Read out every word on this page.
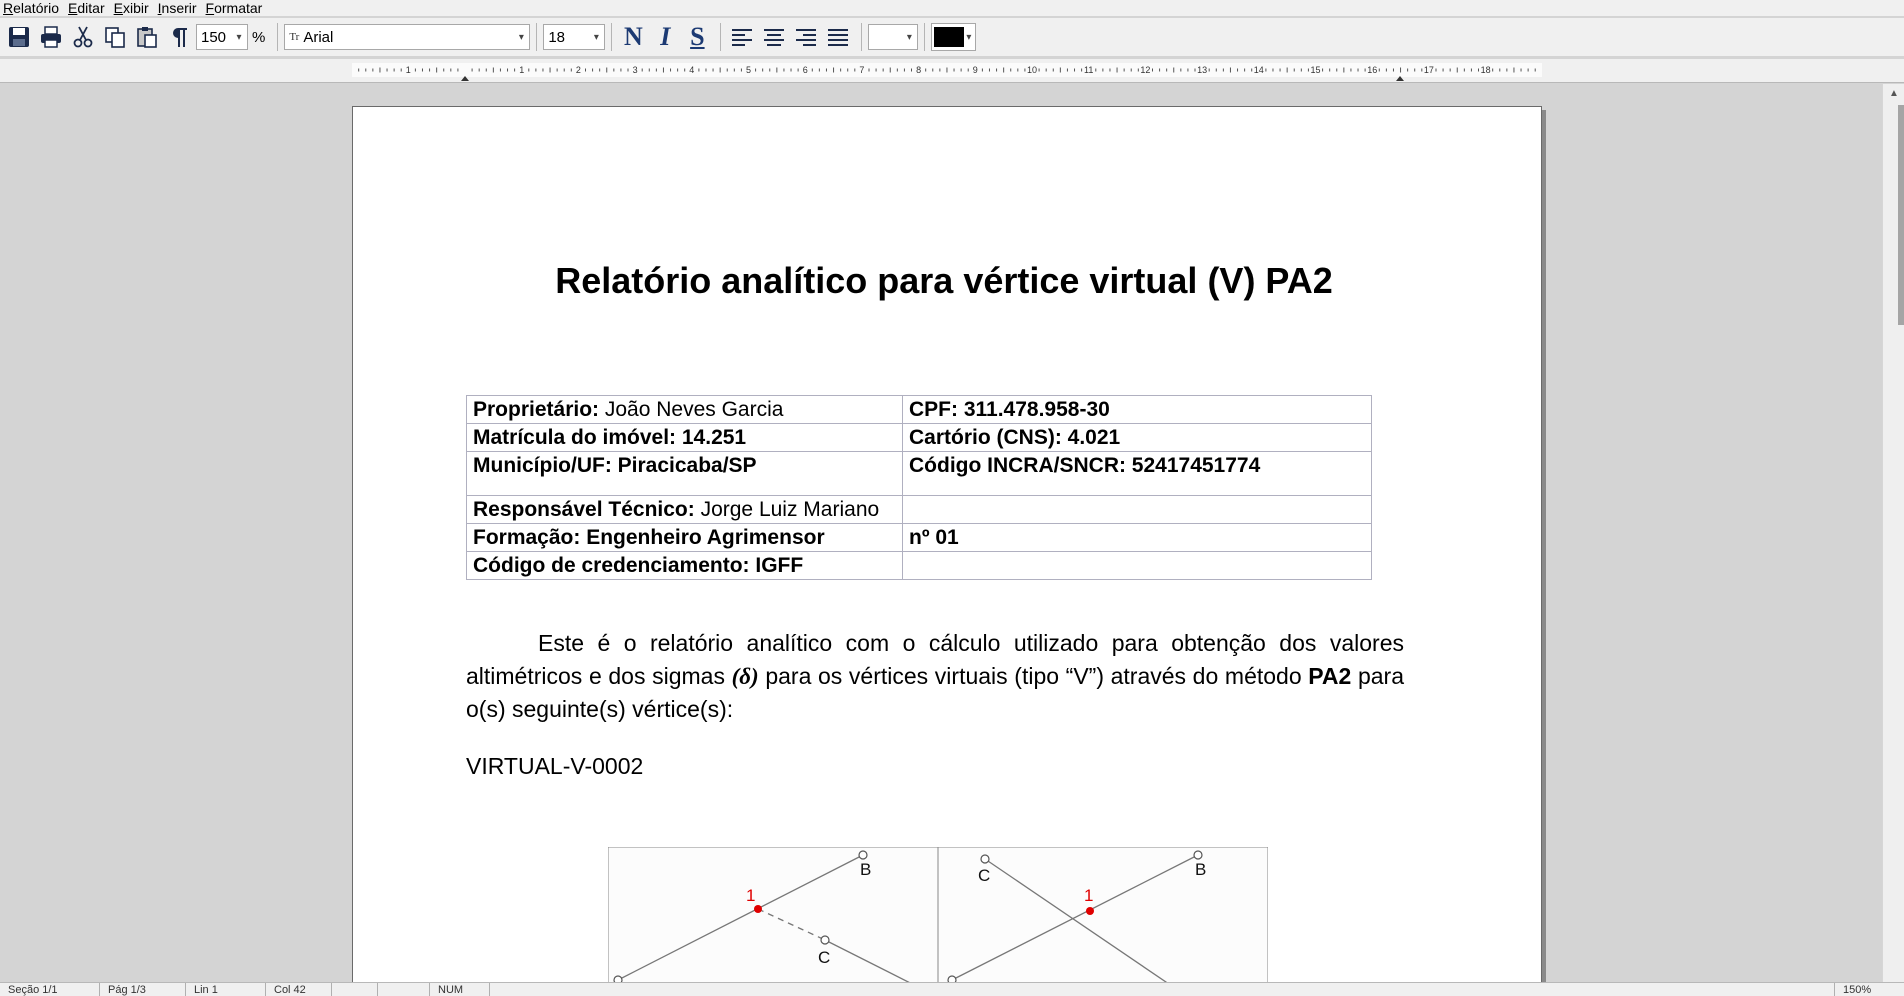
Relatório Editar Exibir Inserir Formatar
150	▾ %	Tr Arial	▾	18	▾ N I S	▾	▾
1	1	2	3	4	5	6	7	8	9	10	11	12	13	14	15	16	17	18
Relatório analítico para vértice virtual (V) PA2
Proprietário: João Neves Garcia	CPF: 311.478.958-30
Matrícula do imóvel: 14.251	Cartório (CNS): 4.021
Município/UF: Piracicaba/SP	Código INCRA/SNCR: 52417451774
Responsável Técnico: Jorge Luiz Mariano	
Formação: Engenheiro Agrimensor	nº 01
Código de credenciamento: IGFF	
Este é o relatório analítico com o cálculo utilizado para obtenção dos valores altimétricos e dos sigmas (δ) para os vértices virtuais (tipo “V”) através do método PA2 para o(s) seguinte(s) vértice(s):
VIRTUAL-V-0002
B
C
1
B
C
1
▲
Seção 1/1	Pág 1/3	Lin 1	Col 42	NUM	150%
